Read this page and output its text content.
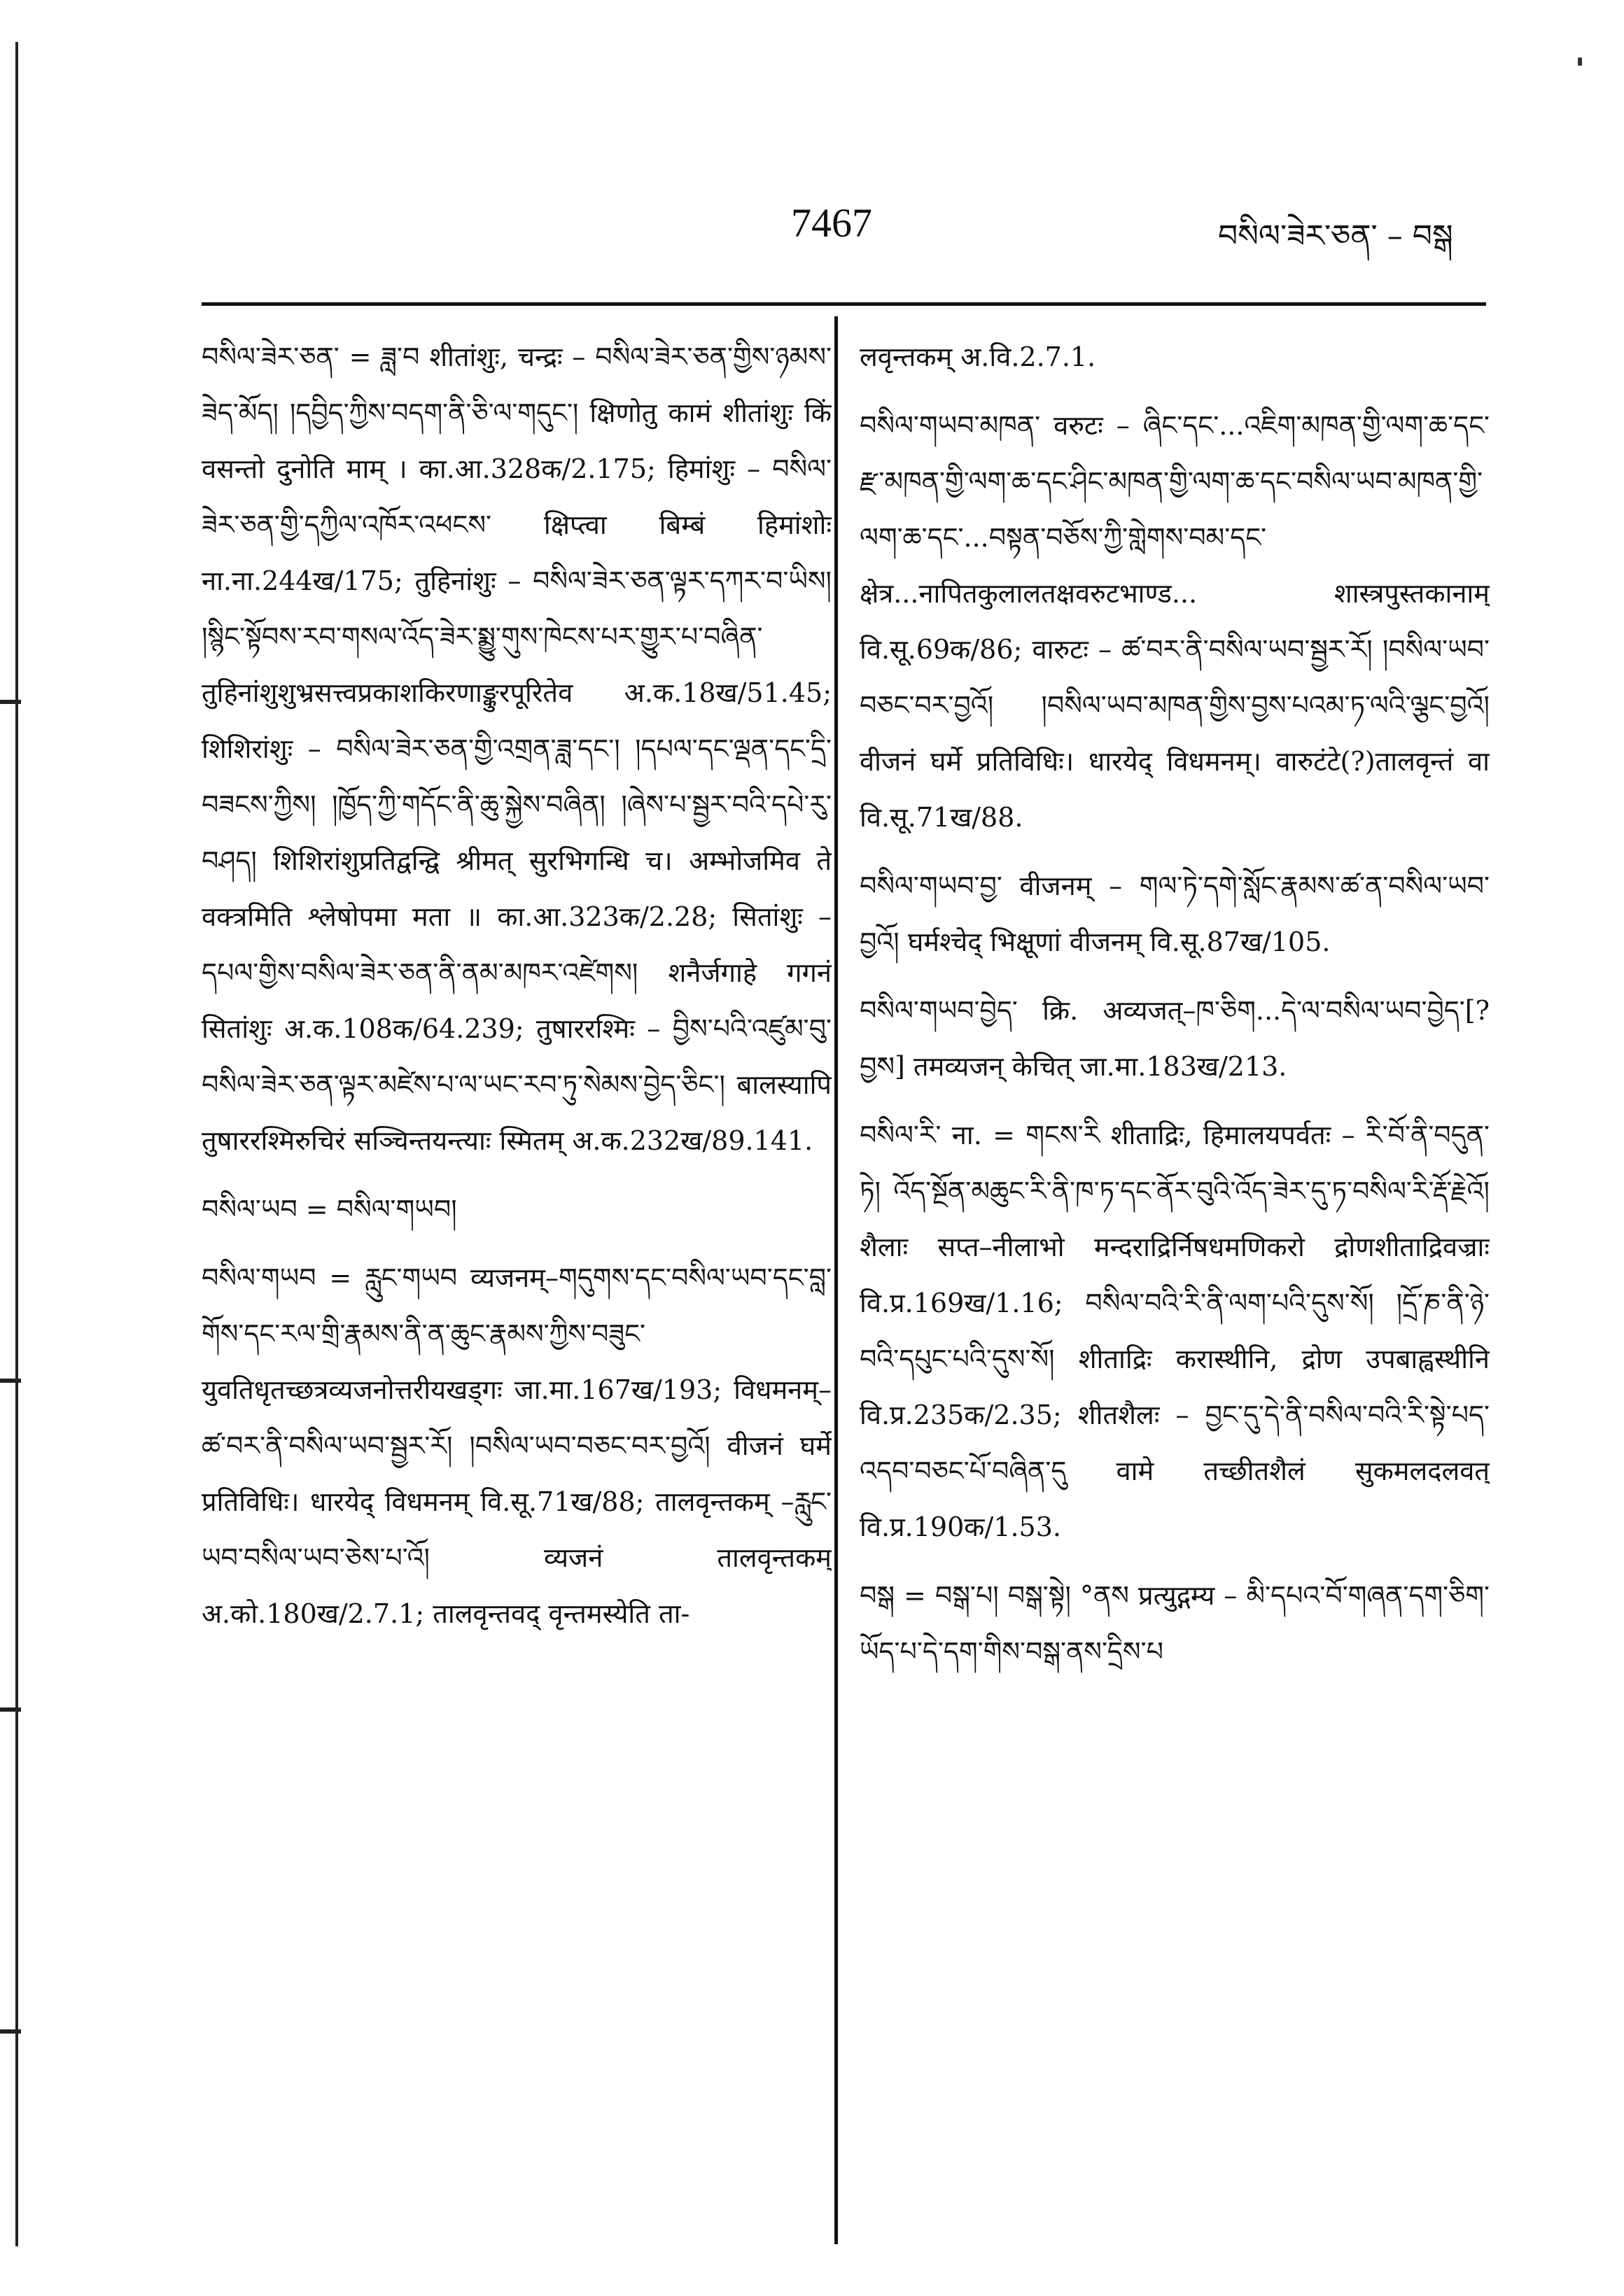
7467	བསིལ་ཟེར་ཅན་ – བསྒ

བསིལ་ཟེར་ཅན་ = ཟླ་བ शीतांशुः, चन्द्रः – བསིལ་ཟེར་ཅན་གྱིས་ཉམས་ཟེད་མོད། །དབྱིད་ཀྱིས་བདག་ནི་ཅི་ལ་གདུང༌། क्षिणोतु कामं शीतांशुः किं वसन्तो दुनोति माम् । का.आ.328क/2.175; हिमांशुः – བསིལ་ཟེར་ཅན་གྱི་དཀྱིལ་འཁོར་འཕངས་ क्षिप्त्वा बिम्बं हिमांशोः ना.ना.244ख/175; तुहिनांशुः – བསིལ་ཟེར་ཅན་ལྟར་དཀར་བ་ཡིས། །སྙིང་སྟོབས་རབ་གསལ་འོད་ཟེར་སྨྱུ་གུས་ཁེངས་པར་གྱུར་པ་བཞིན་ तुहिनांशुशुभ्रसत्त्वप्रकाशकिरणाङ्कुरपूरितेव अ.क.18ख/51.45; शिशिरांशुः – བསིལ་ཟེར་ཅན་གྱི་འགྲན་ཟླ་དང་། །དཔལ་དང་ལྡན་དང་དྲི་བཟངས་ཀྱིས། །ཁྱོད་ཀྱི་གདོང་ནི་ཆུ་སྐྱེས་བཞིན། །ཞེས་པ་སྦྱར་བའི་དཔེ་རུ་བཤད། शिशिरांशुप्रतिद्वन्द्वि श्रीमत् सुरभिगन्धि च। अम्भोजमिव ते वक्त्रमिति श्लेषोपमा मता ॥ का.आ.323क/2.28; सितांशुः – དཔལ་གྱིས་བསིལ་ཟེར་ཅན་ནི་ནམ་མཁར་འཛེགས། शनैर्जगाहे गगनं सितांशुः अ.क.108क/64.239; तुषाररश्मिः – བྱིས་པའི་འཛུམ་བུ་བསིལ་ཟེར་ཅན་ལྟར་མཛེས་པ་ལ་ཡང་རབ་ཏུ་སེམས་བྱེད་ཅིང་། बालस्यापि तुषाररश्मिरुचिरं सञ्चिन्तयन्त्याः स्मितम् अ.क.232ख/89.141.

བསིལ་ཡབ = བསིལ་གཡབ།

བསིལ་གཡབ = རླུང་གཡབ व्यजनम्–གདུགས་དང་བསིལ་ཡབ་དང་བླ་གོས་དང་རལ་གྲི་རྣམས་ནི་ན་ཆུང་རྣམས་ཀྱིས་བཟུང་ युवतिधृतच्छत्रव्यजनोत्तरीयखड्गः जा.मा.167ख/193; विधमनम्–ཚ་བར་ནི་བསིལ་ཡབ་སྦྱར་རོ། །བསིལ་ཡབ་བཅང་བར་བྱའོ། वीजनं घर्मे प्रतिविधिः। धारयेद् विधमनम् वि.सू.71ख/88; तालवृन्तकम् –རླུང་ཡབ་བསིལ་ཡབ་ཅེས་པ་འོ། व्यजनं तालवृन्तकम् अ.को.180ख/2.7.1; तालवृन्तवद् वृन्तमस्येति ता-

लवृन्तकम् अ.वि.2.7.1.

བསིལ་གཡབ་མཁན་ वरुटः – ཞིང་དང་...འཇིག་མཁན་གྱི་ལག་ཆ་དང་རྫ་མཁན་གྱི་ལག་ཆ་དང་ཤིང་མཁན་གྱི་ལག་ཆ་དང་བསིལ་ཡབ་མཁན་གྱི་ལག་ཆ་དང་...བསྟན་བཅོས་ཀྱི་གླེགས་བམ་དང་ क्षेत्र...नापितकुलालतक्षवरुटभाण्ड... शास्त्रपुस्तकानाम् वि.सू.69क/86; वारुटः – ཚ་བར་ནི་བསིལ་ཡབ་སྦྱར་རོ། །བསིལ་ཡབ་བཅང་བར་བྱའོ། །བསིལ་ཡབ་མཁན་གྱིས་བྱས་པའམ་ཏ་ལའི་ལྕང་བྱའོ། वीजनं घर्मे प्रतिविधिः। धारयेद् विधमनम्। वारुटंटे(?)तालवृन्तं वा वि.सू.71ख/88.

བསིལ་གཡབ་བྱ་ वीजनम् – གལ་ཏེ་དགེ་སློང་རྣམས་ཚ་ན་བསིལ་ཡབ་བྱའོ། घर्मश्चेद् भिक्षूणां वीजनम् वि.सू.87ख/105.

བསིལ་གཡབ་བྱེད་ क्रि. अव्यजत्–ཁ་ཅིག...དེ་ལ་བསིལ་ཡབ་བྱེད་[? བྱས] तमव्यजन् केचित् जा.मा.183ख/213.

བསིལ་རི་ ना. = གངས་རི शीताद्रिः, हिमालयपर्वतः – རི་བོ་ནི་བདུན་ཏེ། འོད་སྔོན་མཆུང་རི་ནི་ཁ་ཏ་དང་ནོར་བུའི་འོད་ཟེར་དུ་ཏ་བསིལ་རི་རྡོ་རྗེའོ། शैलाः सप्त–नीलाभो मन्दराद्रिर्निषधमणिकरो द्रोणशीताद्रिवज्राः वि.प्र.169ख/1.16; བསིལ་བའི་རི་ནི་ལག་པའི་དུས་སོ། །དྲོ་ཎ་ནི་ཉེ་བའི་དཔུང་པའི་དུས་སོ། शीताद्रिः करास्थीनि, द्रोण उपबाह्वस्थीनि वि.प्र.235क/2.35; शीतशैलः – བྱང་དུ་དེ་ནི་བསིལ་བའི་རི་སྟེ་པད་འདབ་བཅང་པོ་བཞིན་དུ वामे तच्छीतशैलं सुकमलदलवत् वि.प्र.190क/1.53.

བསྒ = བསྒ་པ། བསྒ་སྟེ། °ནས प्रत्युद्गम्य – མི་དཔའ་བོ་གཞན་དག་ཅིག་ཡོད་པ་དེ་དག་གིས་བསྒ་ནས་དྲིས་པ
